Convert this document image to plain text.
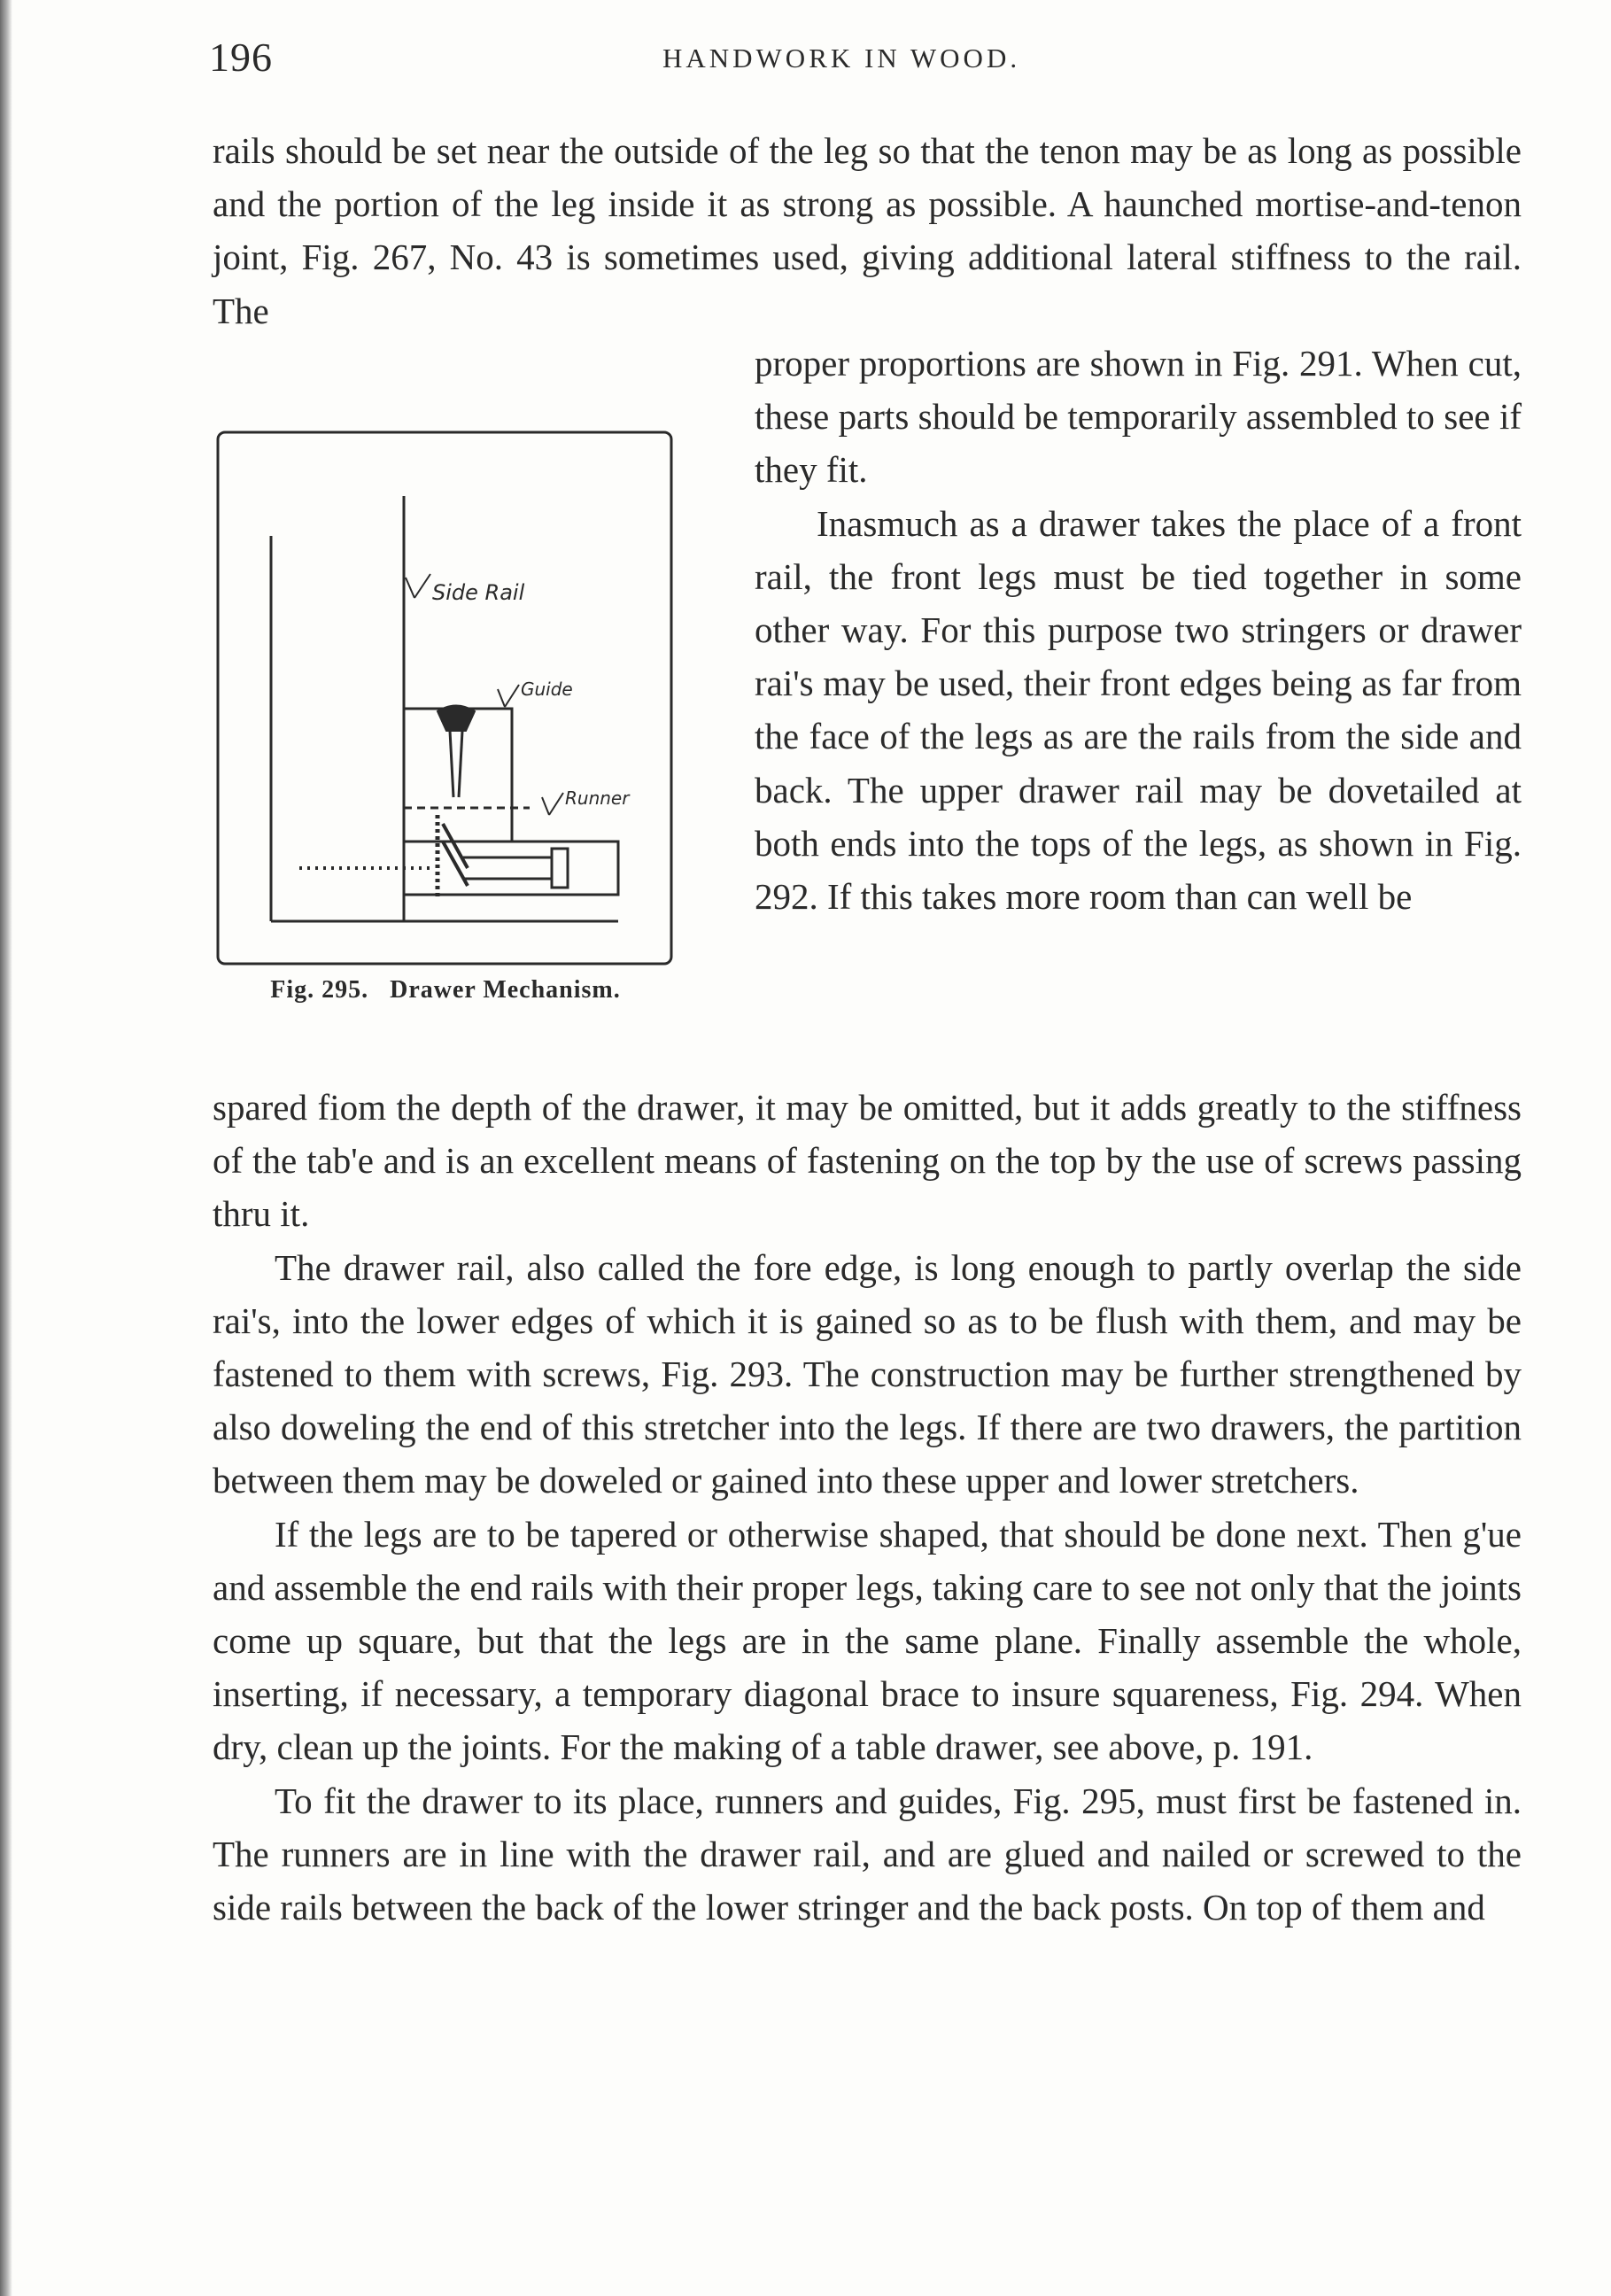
196	HANDWORK IN WOOD.

rails should be set near the outside of the leg so that the tenon may be as long as possible and the portion of the leg inside it as strong as possible. A haunched mortise-and-tenon joint, Fig. 267, No. 43 is sometimes used, giving additional lateral stiffness to the rail. The

Side Rail
Guide
Runner
Fig. 295. Drawer Mechanism.

proper proportions are shown in Fig. 291. When cut, these parts should be temporarily assembled to see if they fit.

Inasmuch as a drawer takes the place of a front rail, the front legs must be tied together in some other way. For this purpose two stringers or drawer rai's may be used, their front edges being as far from the face of the legs as are the rails from the side and back. The upper drawer rail may be dovetailed at both ends into the tops of the legs, as shown in Fig. 292. If this takes more room than can well be

spared fiom the depth of the drawer, it may be omitted, but it adds greatly to the stiffness of the tab'e and is an excellent means of fastening on the top by the use of screws passing thru it.

The drawer rail, also called the fore edge, is long enough to partly overlap the side rai's, into the lower edges of which it is gained so as to be flush with them, and may be fastened to them with screws, Fig. 293. The construction may be further strengthened by also doweling the end of this stretcher into the legs. If there are two drawers, the partition between them may be doweled or gained into these upper and lower stretchers.

If the legs are to be tapered or otherwise shaped, that should be done next. Then g'ue and assemble the end rails with their proper legs, taking care to see not only that the joints come up square, but that the legs are in the same plane. Finally assemble the whole, inserting, if necessary, a temporary diagonal brace to insure squareness, Fig. 294. When dry, clean up the joints. For the making of a table drawer, see above, p. 191.

To fit the drawer to its place, runners and guides, Fig. 295, must first be fastened in. The runners are in line with the drawer rail, and are glued and nailed or screwed to the side rails between the back of the lower stringer and the back posts. On top of them and
